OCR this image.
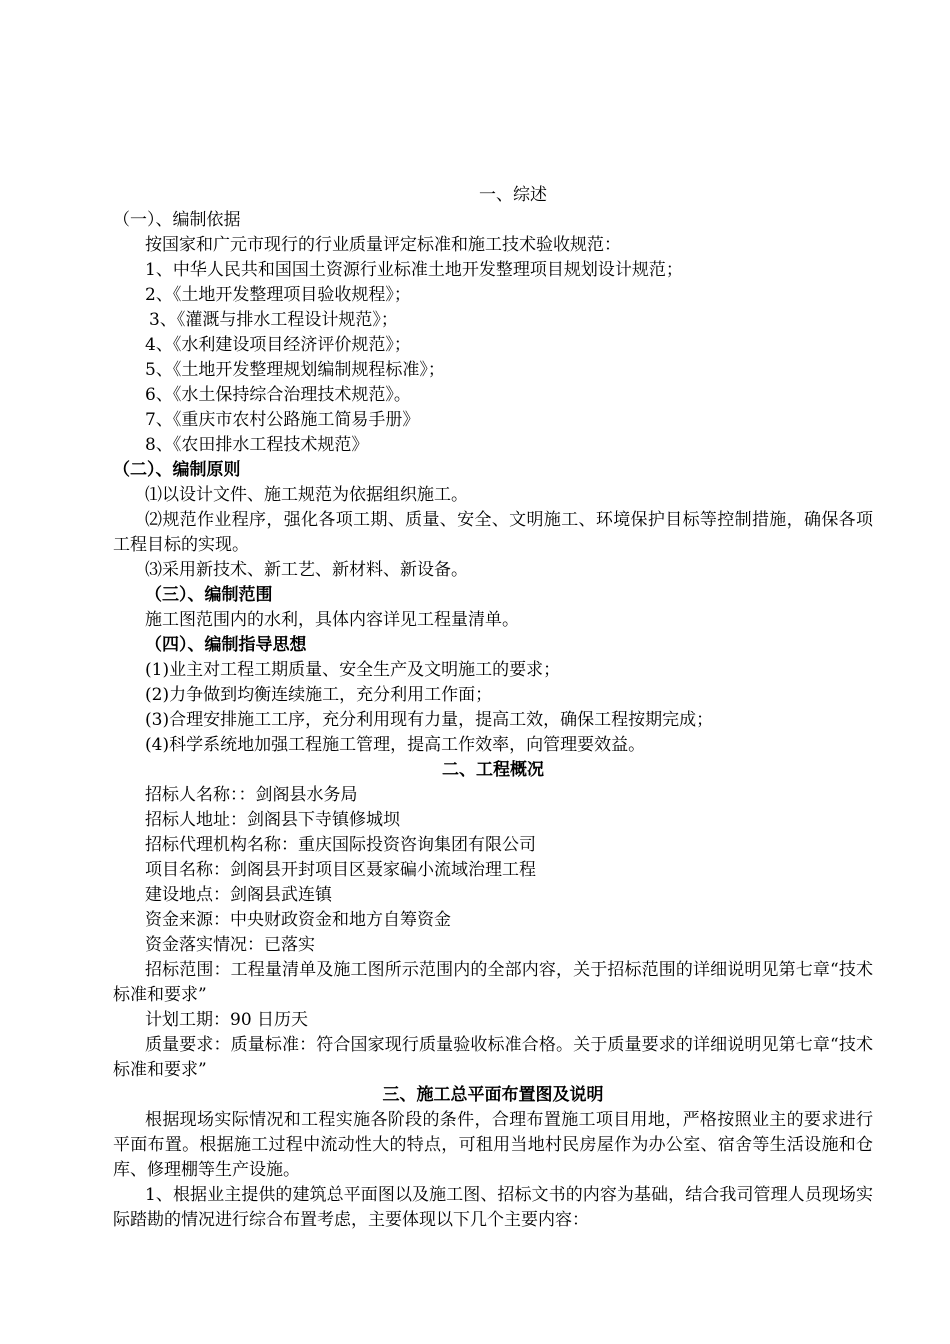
一、综述
（一）、编制依据
按国家和广元市现行的行业质量评定标准和施工技术验收规范：
1、中华人民共和国国土资源行业标准土地开发整理项目规划设计规范；
2、《土地开发整理项目验收规程》；
3、《灌溉与排水工程设计规范》；
4、《水利建设项目经济评价规范》；
5、《土地开发整理规划编制规程标准》；
6、《水土保持综合治理技术规范》。
7、《重庆市农村公路施工简易手册》
8、《农田排水工程技术规范》
（二）、编制原则
⑴以设计文件、施工规范为依据组织施工。
⑵规范作业程序，强化各项工期、质量、安全、文明施工、环境保护目标等控制措施，确保各项工程目标的实现。
⑶采用新技术、新工艺、新材料、新设备。
（三）、编制范围
施工图范围内的水利，具体内容详见工程量清单。
（四）、编制指导思想
(1)业主对工程工期质量、安全生产及文明施工的要求；
(2)力争做到均衡连续施工，充分利用工作面；
(3)合理安排施工工序，充分利用现有力量，提高工效，确保工程按期完成；
(4)科学系统地加强工程施工管理，提高工作效率，向管理要效益。
二、工程概况
招标人名称：：剑阁县水务局
招标人地址：剑阁县下寺镇修城坝
招标代理机构名称：重庆国际投资咨询集团有限公司
项目名称：剑阁县开封项目区聂家碥小流域治理工程
建设地点：剑阁县武连镇
资金来源：中央财政资金和地方自筹资金
资金落实情况：已落实
招标范围：工程量清单及施工图所示范围内的全部内容，关于招标范围的详细说明见第七章“技术标准和要求”
计划工期：90 日历天
质量要求：质量标准：符合国家现行质量验收标准合格。关于质量要求的详细说明见第七章“技术标准和要求”
三、施工总平面布置图及说明
根据现场实际情况和工程实施各阶段的条件，合理布置施工项目用地，严格按照业主的要求进行平面布置。根据施工过程中流动性大的特点，可租用当地村民房屋作为办公室、宿舍等生活设施和仓库、修理棚等生产设施。
1、根据业主提供的建筑总平面图以及施工图、招标文书的内容为基础，结合我司管理人员现场实际踏勘的情况进行综合布置考虑，主要体现以下几个主要内容：
